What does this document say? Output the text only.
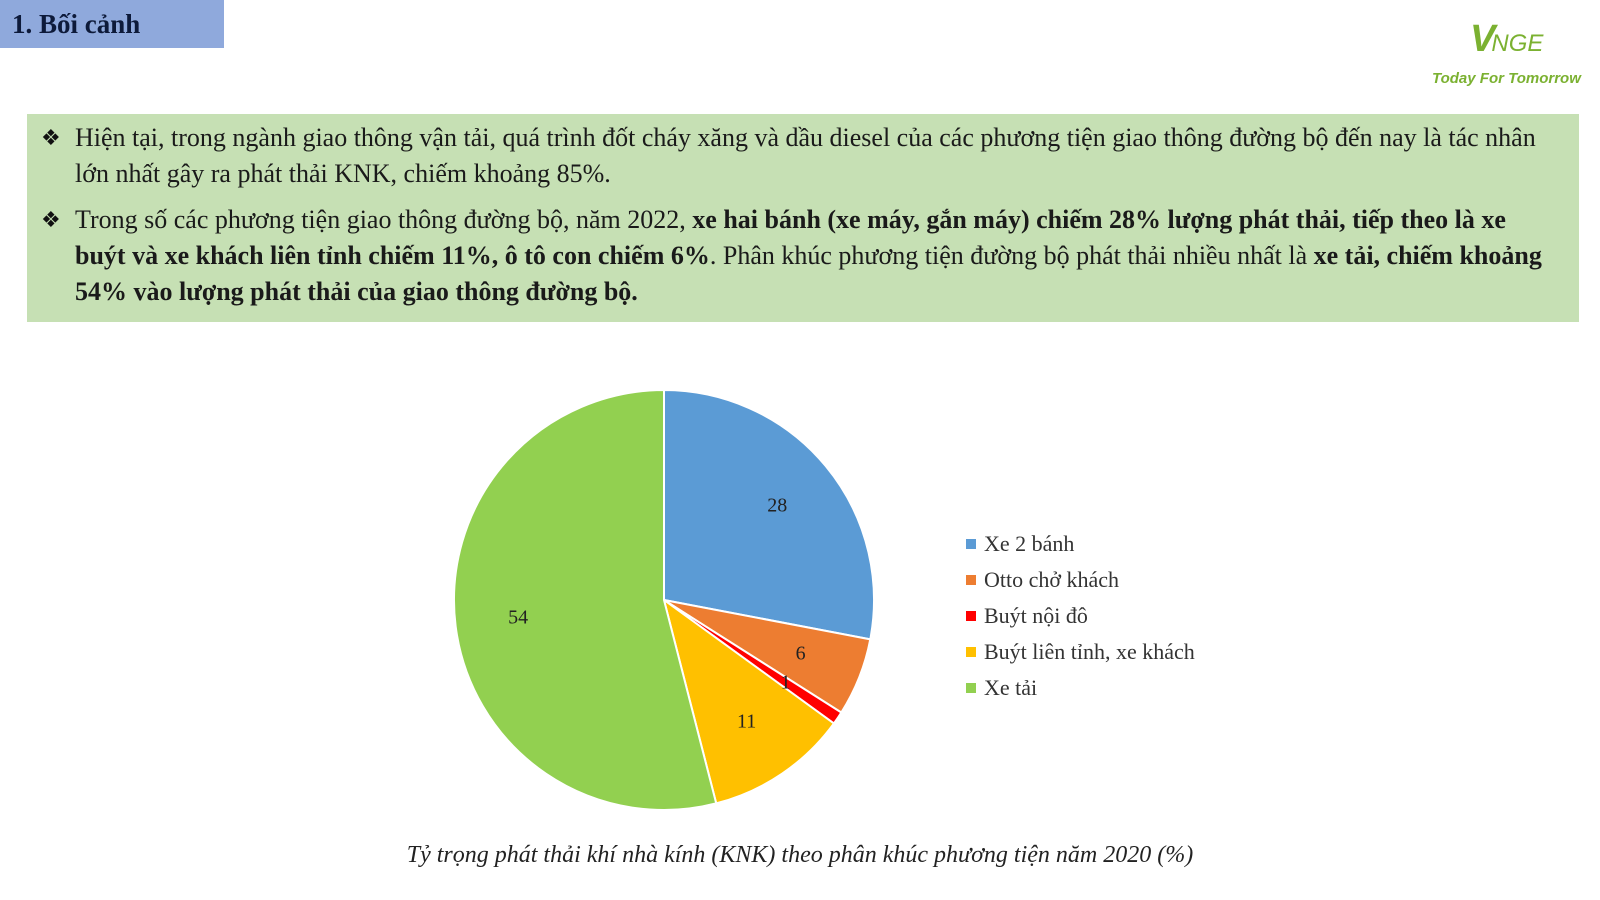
1. Bối cảnh	VNGE
Today For Tomorrow
❖ Hiện tại, trong ngành giao thông vận tải, quá trình đốt cháy xăng và dầu diesel của các phương tiện giao thông đường bộ đến nay là tác nhân lớn nhất gây ra phát thải KNK, chiếm khoảng 85%.
❖ Trong số các phương tiện giao thông đường bộ, năm 2022, xe hai bánh (xe máy, gắn máy) chiếm 28% lượng phát thải, tiếp theo là xe buýt và xe khách liên tỉnh chiếm 11%, ô tô con chiếm 6%. Phân khúc phương tiện đường bộ phát thải nhiều nhất là xe tải, chiếm khoảng 54% vào lượng phát thải của giao thông đường bộ.
28
6
1
11
54
Xe 2 bánh
Otto chở khách
Buýt nội đô
Buýt liên tỉnh, xe khách
Xe tải
Tỷ trọng phát thải khí nhà kính (KNK) theo phân khúc phương tiện năm 2020 (%)
